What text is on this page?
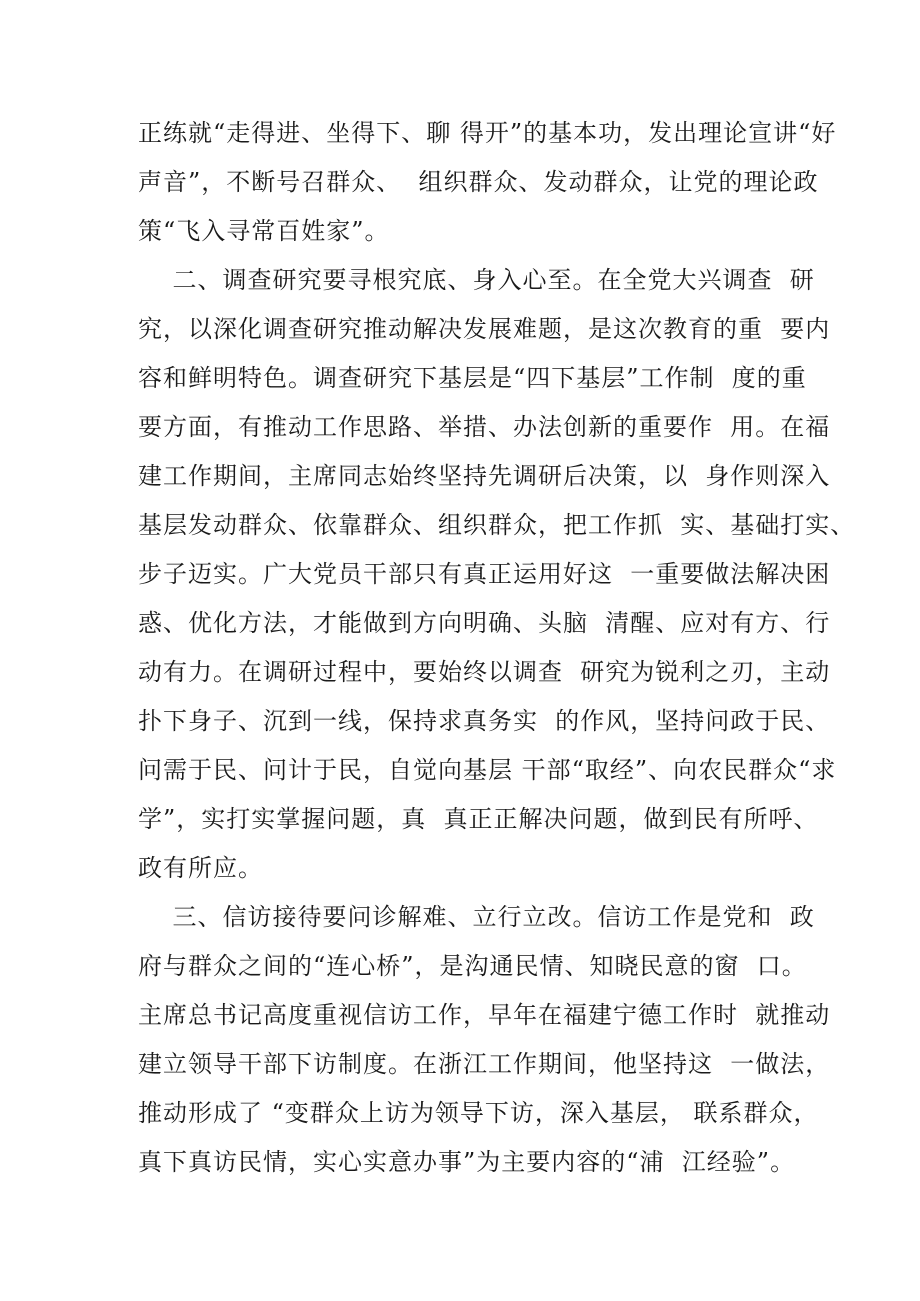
正练就“走得进、坐得下、聊 得开”的基本功，发出理论宣讲“好
声音”，不断号召群众、  组织群众、发动群众，让党的理论政
策“飞入寻常百姓家”。
二、调查研究要寻根究底、身入心至。在全党大兴调查  研
究，以深化调查研究推动解决发展难题，是这次教育的重  要内
容和鲜明特色。调查研究下基层是“四下基层”工作制  度的重
要方面，有推动工作思路、举措、办法创新的重要作  用。在福
建工作期间，主席同志始终坚持先调研后决策，以  身作则深入
基层发动群众、依靠群众、组织群众，把工作抓  实、基础打实、
步子迈实。广大党员干部只有真正运用好这  一重要做法解决困
惑、优化方法，才能做到方向明确、头脑  清醒、应对有方、行
动有力。在调研过程中，要始终以调查  研究为锐利之刃，主动
扑下身子、沉到一线，保持求真务实  的作风，坚持问政于民、
问需于民、问计于民，自觉向基层 干部“取经”、向农民群众“求
学”，实打实掌握问题，真  真正正解决问题，做到民有所呼、
政有所应。
三、信访接待要问诊解难、立行立改。信访工作是党和  政
府与群众之间的“连心桥”，是沟通民情、知晓民意的窗  口。
主席总书记高度重视信访工作，早年在福建宁德工作时  就推动
建立领导干部下访制度。在浙江工作期间，他坚持这  一做法，
推动形成了 “变群众上访为领导下访，深入基层， 联系群众，
真下真访民情，实心实意办事”为主要内容的“浦  江经验”。
